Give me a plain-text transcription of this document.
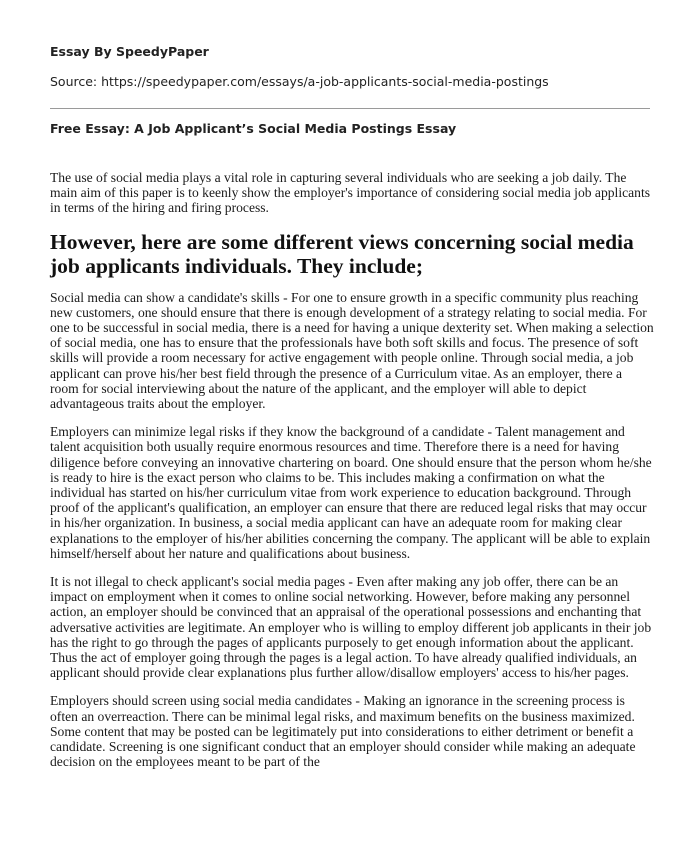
Essay By SpeedyPaper
Source: https://speedypaper.com/essays/a-job-applicants-social-media-postings
Free Essay: A Job Applicant’s Social Media Postings Essay

The use of social media plays a vital role in capturing several individuals who are seeking a job daily. The main aim of this paper is to keenly show the employer's importance of considering social media job applicants in terms of the hiring and firing process.

However, here are some different views concerning social media job applicants individuals. They include;

Social media can show a candidate's skills - For one to ensure growth in a specific community plus reaching new customers, one should ensure that there is enough development of a strategy relating to social media. For one to be successful in social media, there is a need for having a unique dexterity set. When making a selection of social media, one has to ensure that the professionals have both soft skills and focus. The presence of soft skills will provide a room necessary for active engagement with people online. Through social media, a job applicant can prove his/her best field through the presence of a Curriculum vitae. As an employer, there a room for social interviewing about the nature of the applicant, and the employer will able to depict advantageous traits about the employer.

Employers can minimize legal risks if they know the background of a candidate - Talent management and talent acquisition both usually require enormous resources and time. Therefore there is a need for having diligence before conveying an innovative chartering on board. One should ensure that the person whom he/she is ready to hire is the exact person who claims to be. This includes making a confirmation on what the individual has started on his/her curriculum vitae from work experience to education background. Through proof of the applicant's qualification, an employer can ensure that there are reduced legal risks that may occur in his/her organization. In business, a social media applicant can have an adequate room for making clear explanations to the employer of his/her abilities concerning the company. The applicant will be able to explain himself/herself about her nature and qualifications about business.

It is not illegal to check applicant's social media pages - Even after making any job offer, there can be an impact on employment when it comes to online social networking. However, before making any personnel action, an employer should be convinced that an appraisal of the operational possessions and enchanting that adversative activities are legitimate. An employer who is willing to employ different job applicants in their job has the right to go through the pages of applicants purposely to get enough information about the applicant. Thus the act of employer going through the pages is a legal action. To have already qualified individuals, an applicant should provide clear explanations plus further allow/disallow employers' access to his/her pages.

Employers should screen using social media candidates - Making an ignorance in the screening process is often an overreaction. There can be minimal legal risks, and maximum benefits on the business maximized. Some content that may be posted can be legitimately put into considerations to either detriment or benefit a candidate. Screening is one significant conduct that an employer should consider while making an adequate decision on the employees meant to be part of the
